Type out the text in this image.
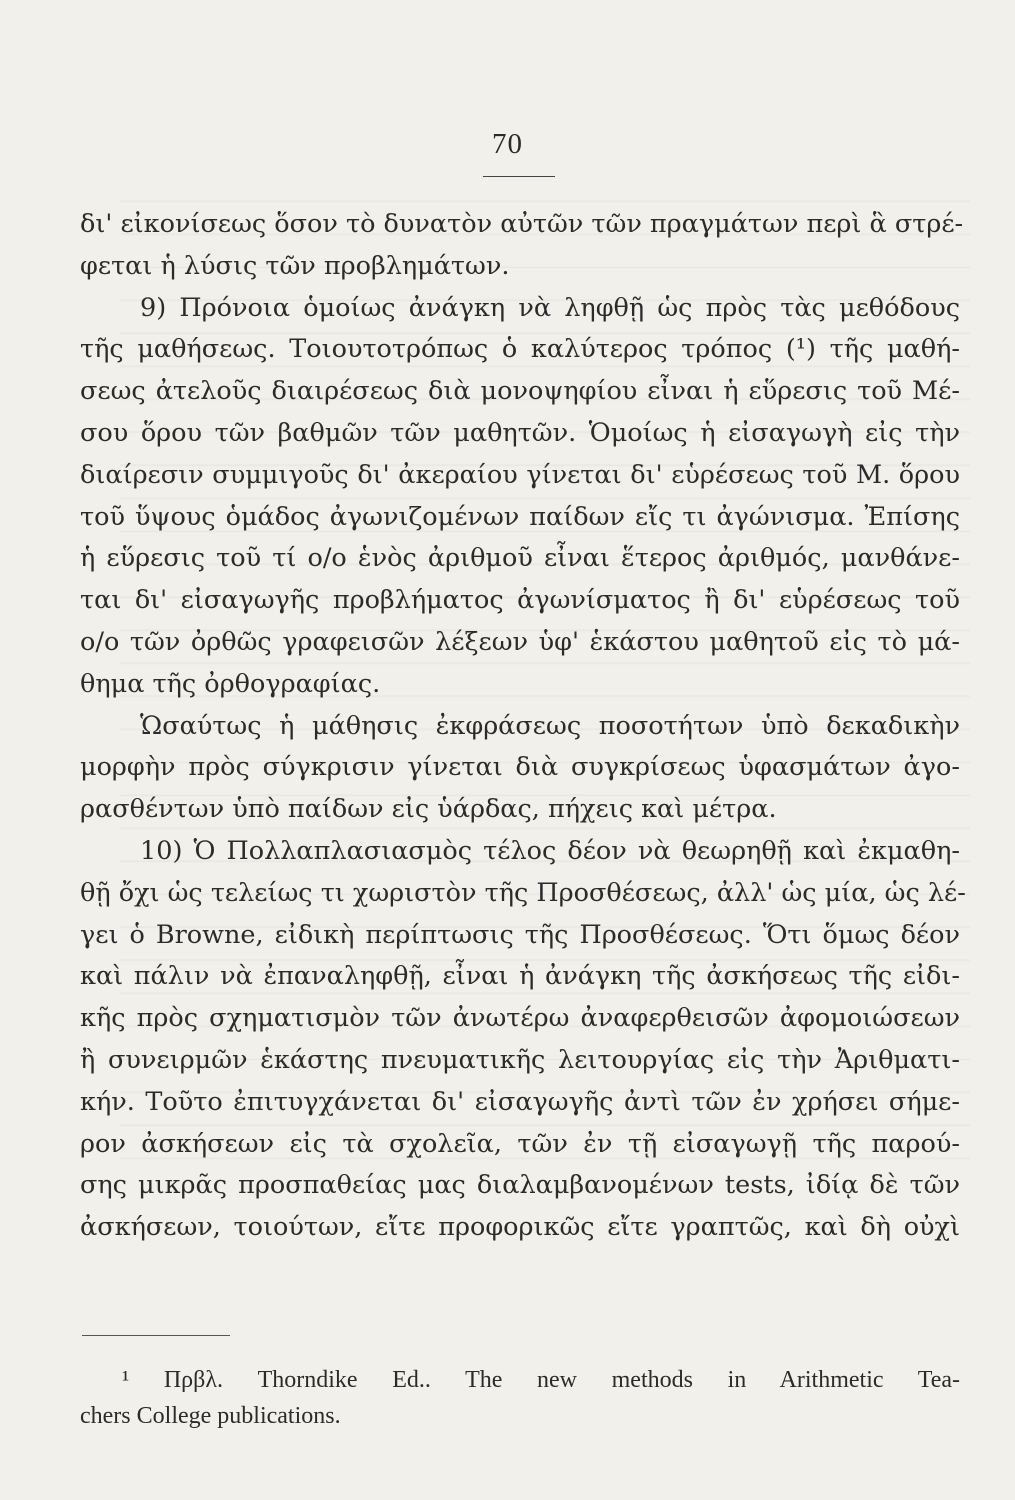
70
δι' εἰκονίσεως ὅσον τὸ δυνατὸν αὐτῶν τῶν πραγμάτων περὶ ἃ στρέ-
φεται ἡ λύσις τῶν προβλημάτων.
9) Πρόνοια ὁμοίως ἀνάγκη νὰ ληφθῇ ὡς πρὸς τὰς μεθόδους
τῆς μαθήσεως. Τοιουτοτρόπως ὁ καλύτερος τρόπος (¹) τῆς μαθή-
σεως ἀτελοῦς διαιρέσεως διὰ μονοψηφίου εἶναι ἡ εὕρεσις τοῦ Μέ-
σου ὅρου τῶν βαθμῶν τῶν μαθητῶν. Ὁμοίως ἡ εἰσαγωγὴ εἰς τὴν
διαίρεσιν συμμιγοῦς δι' ἀκεραίου γίνεται δι' εὑρέσεως τοῦ Μ. ὅρου
τοῦ ὕψους ὁμάδος ἀγωνιζομένων παίδων εἴς τι ἀγώνισμα. Ἐπίσης
ἡ εὕρεσις τοῦ τί ο/ο ἑνὸς ἀριθμοῦ εἶναι ἕτερος ἀριθμός, μανθάνε-
ται δι' εἰσαγωγῆς προβλήματος ἀγωνίσματος ἢ δι' εὑρέσεως τοῦ
ο/ο τῶν ὀρθῶς γραφεισῶν λέξεων ὑφ' ἑκάστου μαθητοῦ εἰς τὸ μά-
θημα τῆς ὀρθογραφίας.
Ὡσαύτως ἡ μάθησις ἐκφράσεως ποσοτήτων ὑπὸ δεκαδικὴν
μορφὴν πρὸς σύγκρισιν γίνεται διὰ συγκρίσεως ὑφασμάτων ἀγο-
ρασθέντων ὑπὸ παίδων εἰς ὑάρδας, πήχεις καὶ μέτρα.
10) Ὁ Πολλαπλασιασμὸς τέλος δέον νὰ θεωρηθῇ καὶ ἐκμαθη-
θῇ ὄχι ὡς τελείως τι χωριστὸν τῆς Προσθέσεως, ἀλλ' ὡς μία, ὡς λέ-
γει ὁ Browne, εἰδικὴ περίπτωσις τῆς Προσθέσεως. Ὅτι ὅμως δέον
καὶ πάλιν νὰ ἐπαναληφθῇ, εἶναι ἡ ἀνάγκη τῆς ἀσκήσεως τῆς εἰδι-
κῆς πρὸς σχηματισμὸν τῶν ἀνωτέρω ἀναφερθεισῶν ἀφομοιώσεων
ἢ συνειρμῶν ἑκάστης πνευματικῆς λειτουργίας εἰς τὴν Ἀριθματι-
κήν. Τοῦτο ἐπιτυγχάνεται δι' εἰσαγωγῆς ἀντὶ τῶν ἐν χρήσει σήμε-
ρον ἀσκήσεων εἰς τὰ σχολεῖα, τῶν ἐν τῇ εἰσαγωγῇ τῆς παρού-
σης μικρᾶς προσπαθείας μας διαλαμβανομένων tests, ἰδίᾳ δὲ τῶν
ἀσκήσεων, τοιούτων, εἴτε προφορικῶς εἴτε γραπτῶς, καὶ δὴ οὐχὶ
¹ Πρβλ. Thorndike Ed.. The new methods in Arithmetic Tea-
chers College publications.
